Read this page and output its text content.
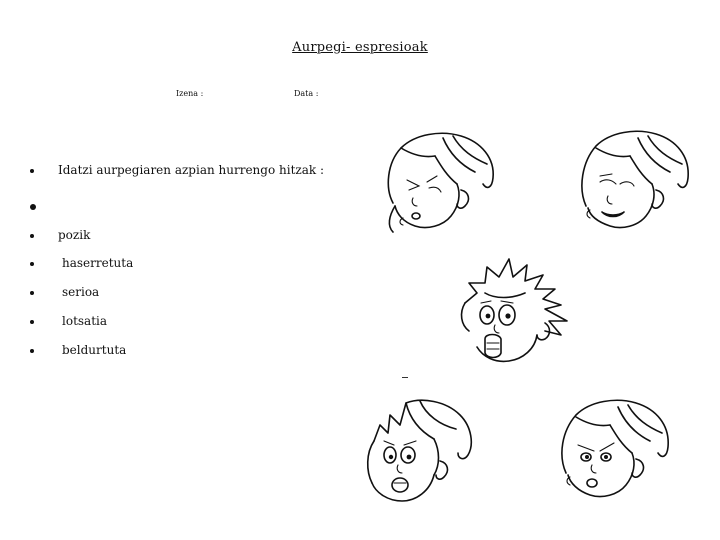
Aurpegi- espresioak
Izena :	Data :
Idatzi aurpegiaren azpian hurrengo hitzak :
pozik
haserretuta
serioa
lotsatia
beldurtuta
